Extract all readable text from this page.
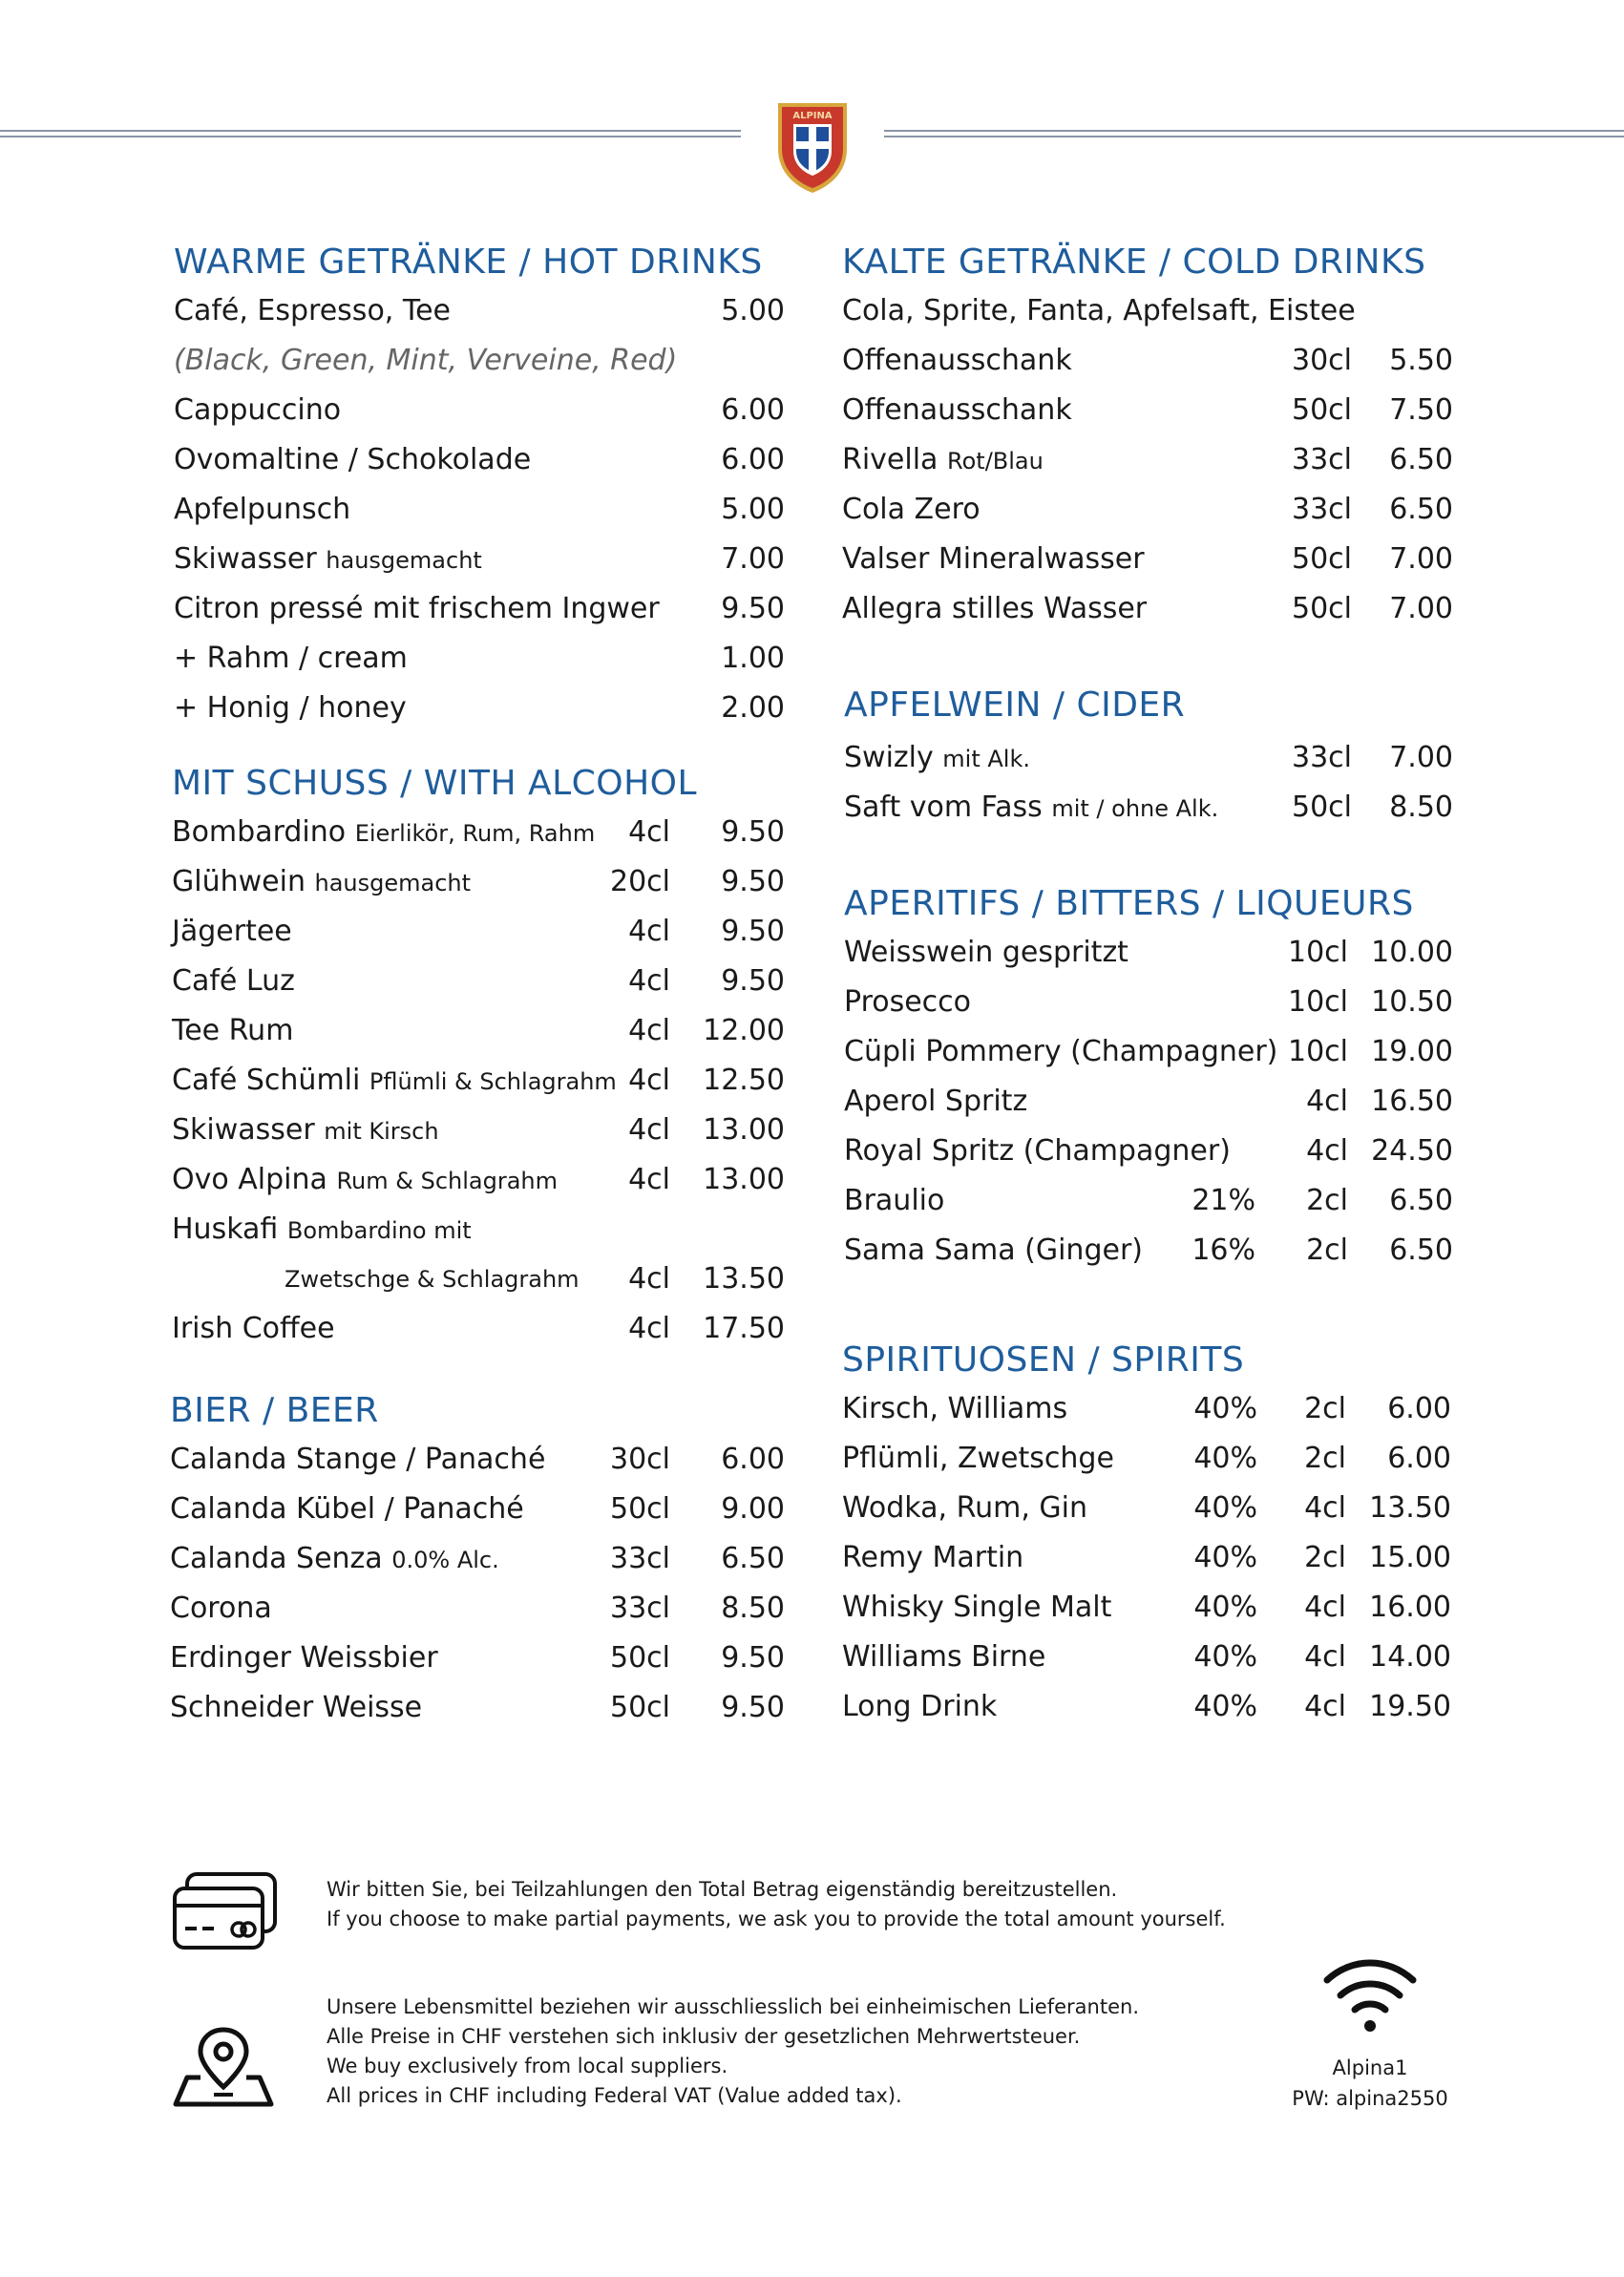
ALPINA
WARME GETRÄNKE / HOT DRINKS
Café, Espresso, Tee	5.00
(Black, Green, Mint, Verveine, Red)
Cappuccino	6.00
Ovomaltine / Schokolade	6.00
Apfelpunsch	5.00
Skiwasser hausgemacht	7.00
Citron pressé mit frischem Ingwer 9.50
+ Rahm / cream	1.00
+ Honig / honey	2.00
MIT SCHUSS / WITH ALCOHOL
Bombardino Eierlikör, Rum, Rahm 4cl 9.50
Glühwein hausgemacht	20cl 9.50
Jägertee	4cl 9.50
Café Luz	4cl 9.50
Tee Rum	4cl 12.00
Café Schümli Pflümli & Schlagrahm 4cl 12.50
Skiwasser mit Kirsch	4cl 13.00
Ovo Alpina Rum & Schlagrahm 4cl 13.00
Huskafi Bombardino mit
Zwetschge & Schlagrahm 4cl 13.50
Irish Coffee	4cl 17.50
BIER / BEER
Calanda Stange / Panaché 30cl 6.00
Calanda Kübel / Panaché	50cl 9.00
Calanda Senza 0.0% Alc.	33cl 6.50
Corona	33cl 8.50
Erdinger Weissbier	50cl 9.50
Schneider Weisse	50cl 9.50
KALTE GETRÄNKE / COLD DRINKS
Cola, Sprite, Fanta, Apfelsaft, Eistee
Offenausschank	30cl 5.50
Offenausschank	50cl 7.50
Rivella Rot/Blau	33cl 6.50
Cola Zero	33cl 6.50
Valser Mineralwasser	50cl 7.00
Allegra stilles Wasser	50cl 7.00
APFELWEIN / CIDER
Swizly mit Alk.	33cl 7.00
Saft vom Fass mit / ohne Alk.	50cl 8.50
APERITIFS / BITTERS / LIQUEURS
Weisswein gespritzt	10cl 10.00
Prosecco	10cl 10.50
Cüpli Pommery (Champagner) 10cl 19.00
Aperol Spritz	4cl 16.50
Royal Spritz (Champagner)	4cl 24.50
Braulio	21% 2cl 6.50
Sama Sama (Ginger) 16% 2cl 6.50
SPIRITUOSEN / SPIRITS
Kirsch, Williams	40% 2cl 6.00
Pflümli, Zwetschge	40% 2cl 6.00
Wodka, Rum, Gin	40% 4cl 13.50
Remy Martin	40% 2cl 15.00
Whisky Single Malt	40% 4cl 16.00
Williams Birne	40% 4cl 14.00
Long Drink	40% 4cl 19.50
Wir bitten Sie, bei Teilzahlungen den Total Betrag eigenständig bereitzustellen.
If you choose to make partial payments, we ask you to provide the total amount yourself.
Unsere Lebensmittel beziehen wir ausschliesslich bei einheimischen Lieferanten.
Alle Preise in CHF verstehen sich inklusiv der gesetzlichen Mehrwertsteuer.
We buy exclusively from local suppliers.
All prices in CHF including Federal VAT (Value added tax).
Alpina1
PW: alpina2550
